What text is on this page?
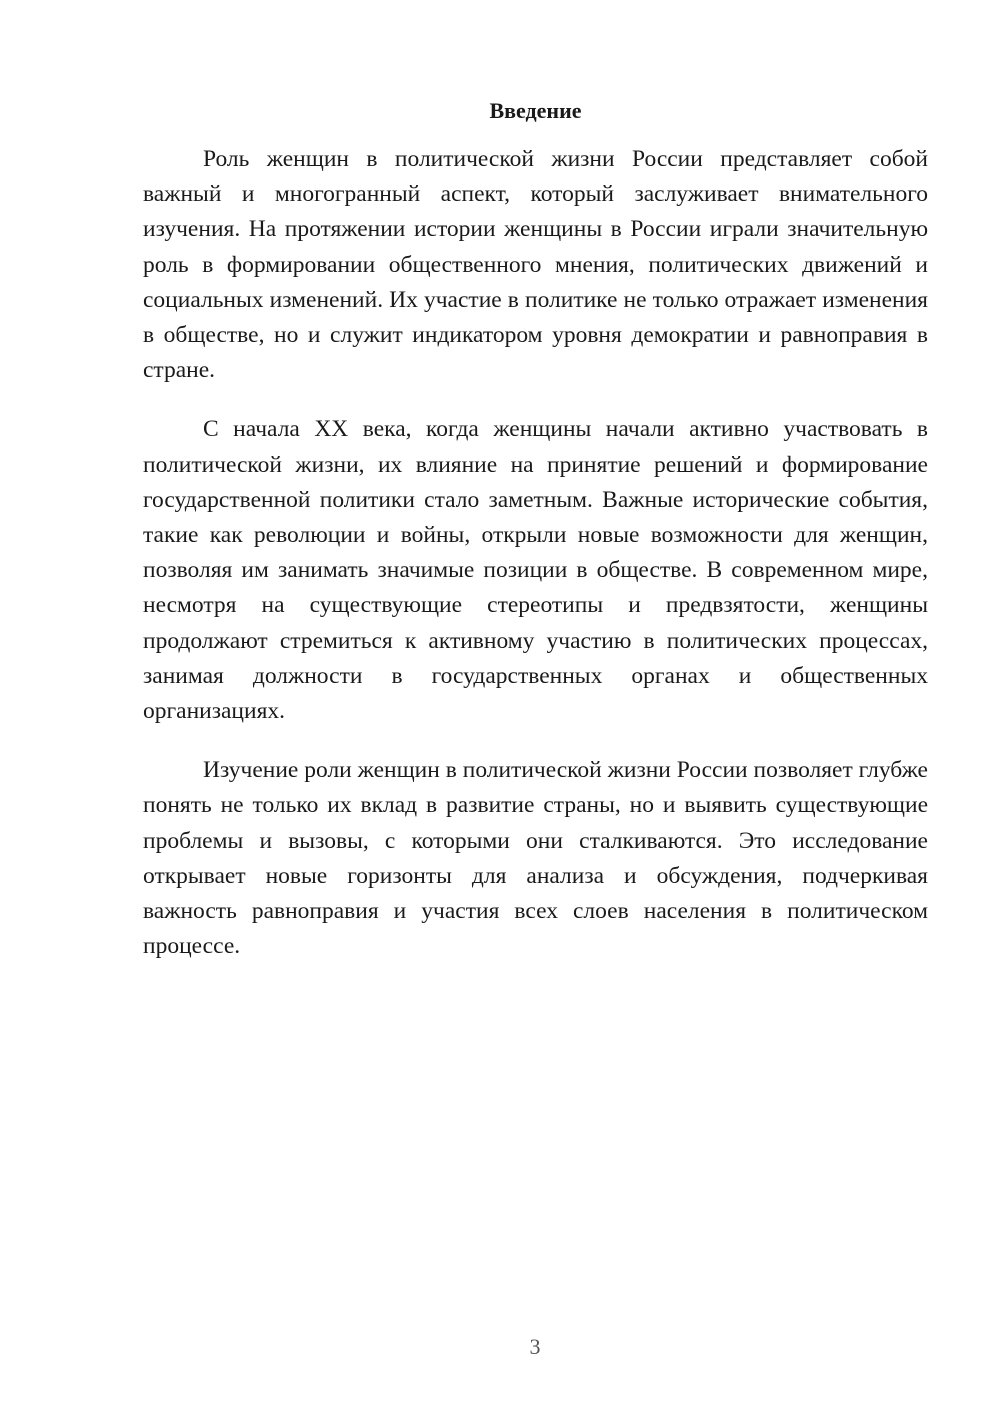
Введение

Роль женщин в политической жизни России представляет собой важный и многогранный аспект, который заслуживает внимательного изучения. На протяжении истории женщины в России играли значительную роль в формировании общественного мнения, политических движений и социальных изменений. Их участие в политике не только отражает изменения в обществе, но и служит индикатором уровня демократии и равноправия в стране.

С начала XX века, когда женщины начали активно участвовать в политической жизни, их влияние на принятие решений и формирование государственной политики стало заметным. Важные исторические события, такие как революции и войны, открыли новые возможности для женщин, позволяя им занимать значимые позиции в обществе. В современном мире, несмотря на существующие стереотипы и предвзятости, женщины продолжают стремиться к активному участию в политических процессах, занимая должности в государственных органах и общественных организациях.

Изучение роли женщин в политической жизни России позволяет глубже понять не только их вклад в развитие страны, но и выявить существующие проблемы и вызовы, с которыми они сталкиваются. Это исследование открывает новые горизонты для анализа и обсуждения, подчеркивая важность равноправия и участия всех слоев населения в политическом процессе.

3
